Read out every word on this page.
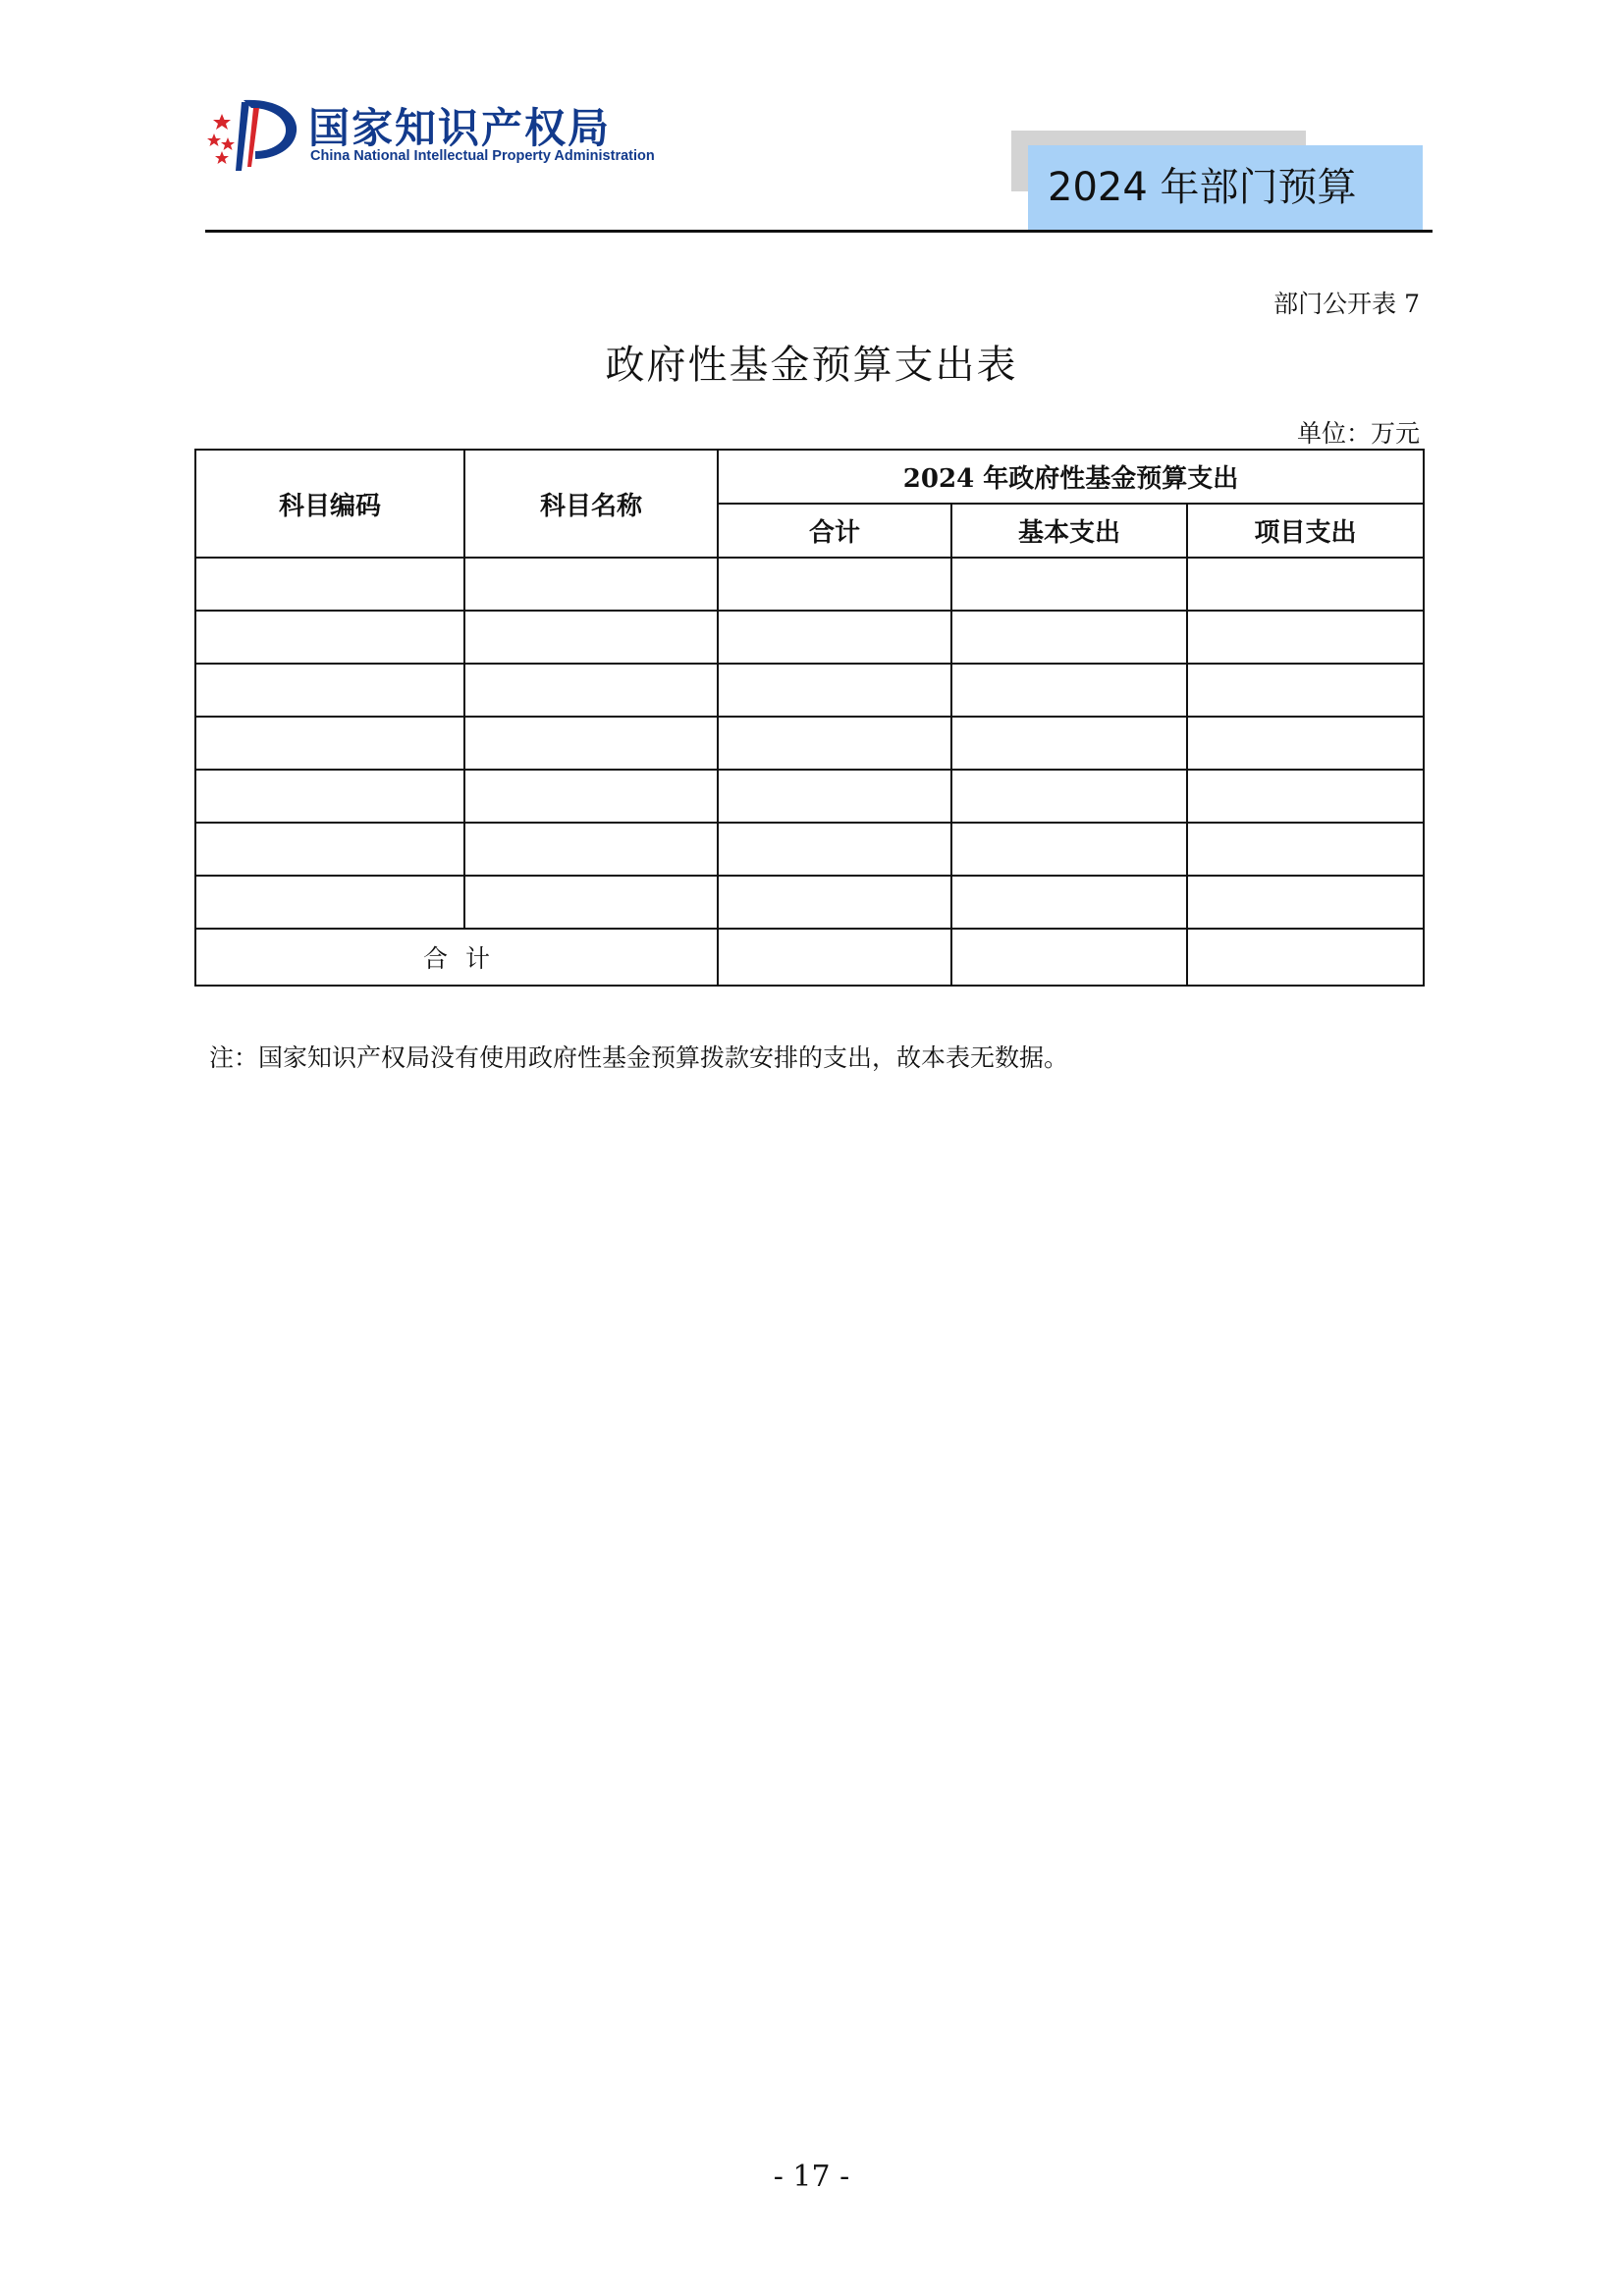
国家知识产权局
China National Intellectual Property Administration
2024 年部门预算
部门公开表 7
政府性基金预算支出表
单位：万元
科目编码	科目名称	2024 年政府性基金预算支出		
		合计	基本支出	项目支出

合计				
注：国家知识产权局没有使用政府性基金预算拨款安排的支出，故本表无数据。
- 17 -
